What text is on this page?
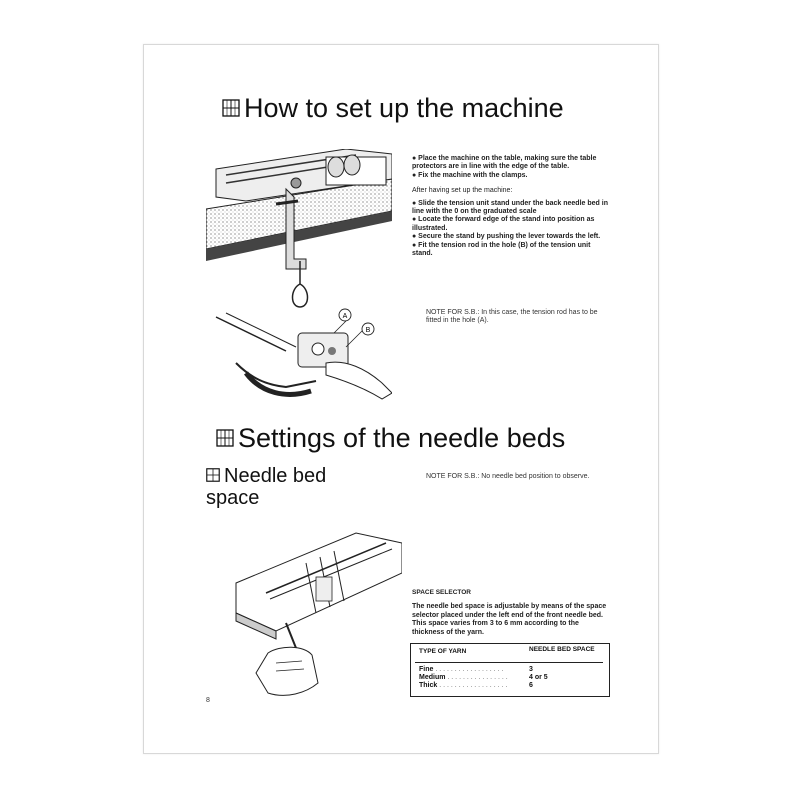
How to set up the machine

● Place the machine on the table, making sure the table protectors are in line with the edge of the table.

● Fix the machine with the clamps.

After having set up the machine:

● Slide the tension unit stand under the back needle bed in line with the 0 on the graduated scale

● Locate the forward edge of the stand into position as illustrated.

● Secure the stand by pushing the lever towards the left.

● Fit the tension rod in the hole (B) of the tension unit stand.

A
B
NOTE FOR S.B.: In this case, the tension rod has to be fitted in the hole (A).
Settings of the needle beds
Needle bed
space
NOTE FOR S.B.: No needle bed position to observe.

SPACE SELECTOR

The needle bed space is adjustable by means of the space selector placed under the left end of the front needle bed. This space varies from 3 to 6 mm according to the thickness of the yarn.

TYPE OF YARN	NEEDLE BED SPACE
Fine . . . . . . . . . . . . . . . . . .	3
Medium . . . . . . . . . . . . . . . .	4 or 5
Thick . . . . . . . . . . . . . . . . . .	6
8
